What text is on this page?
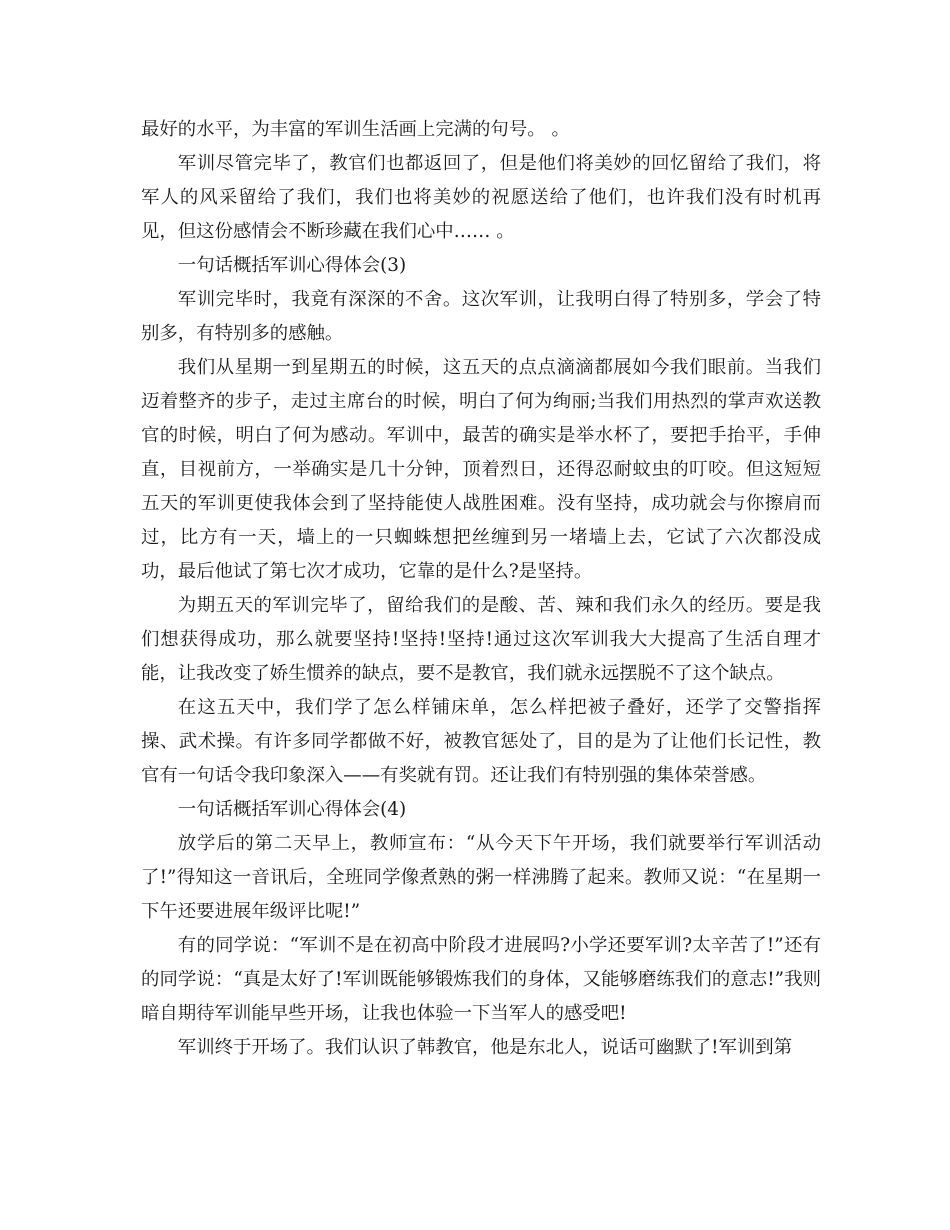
最好的水平，为丰富的军训生活画上完满的句号。 。

军训尽管完毕了，教官们也都返回了，但是他们将美妙的回忆留给了我们，将军人的风采留给了我们，我们也将美妙的祝愿送给了他们，也许我们没有时机再见，但这份感情会不断珍藏在我们心中…… 。

一句话概括军训心得体会(3)

军训完毕时，我竟有深深的不舍。这次军训，让我明白得了特别多，学会了特别多，有特别多的感触。

我们从星期一到星期五的时候，这五天的点点滴滴都展如今我们眼前。当我们迈着整齐的步子，走过主席台的时候，明白了何为绚丽;当我们用热烈的掌声欢送教官的时候，明白了何为感动。军训中，最苦的确实是举水杯了，要把手抬平，手伸直，目视前方，一举确实是几十分钟，顶着烈日，还得忍耐蚊虫的叮咬。但这短短五天的军训更使我体会到了坚持能使人战胜困难。没有坚持，成功就会与你擦肩而过，比方有一天，墙上的一只蜘蛛想把丝缠到另一堵墙上去，它试了六次都没成功，最后他试了第七次才成功，它靠的是什么?是坚持。

为期五天的军训完毕了，留给我们的是酸、苦、辣和我们永久的经历。要是我们想获得成功，那么就要坚持!坚持!坚持!通过这次军训我大大提高了生活自理才能，让我改变了娇生惯养的缺点，要不是教官，我们就永远摆脱不了这个缺点。

在这五天中，我们学了怎么样铺床单，怎么样把被子叠好，还学了交警指挥操、武术操。有许多同学都做不好，被教官惩处了，目的是为了让他们长记性，教官有一句话令我印象深入——有奖就有罚。还让我们有特别强的集体荣誉感。

一句话概括军训心得体会(4)

放学后的第二天早上，教师宣布：“从今天下午开场，我们就要举行军训活动了!”得知这一音讯后，全班同学像煮熟的粥一样沸腾了起来。教师又说：“在星期一下午还要进展年级评比呢!”

有的同学说：“军训不是在初高中阶段才进展吗?小学还要军训?太辛苦了!”还有的同学说：“真是太好了!军训既能够锻炼我们的身体，又能够磨练我们的意志!”我则暗自期待军训能早些开场，让我也体验一下当军人的感受吧!

军训终于开场了。我们认识了韩教官，他是东北人，说话可幽默了!军训到第
